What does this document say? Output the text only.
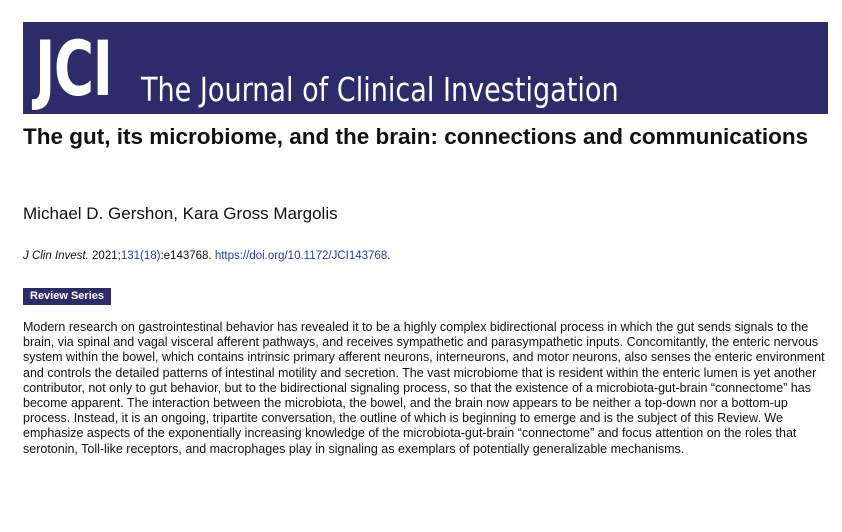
JCI The Journal of Clinical Investigation
The gut, its microbiome, and the brain: connections and communications
Michael D. Gershon, Kara Gross Margolis
J Clin Invest. 2021;131(18):e143768. https://doi.org/10.1172/JCI143768.
Review Series

Modern research on gastrointestinal behavior has revealed it to be a highly complex bidirectional process in which the gut sends signals to the brain, via spinal and vagal visceral afferent pathways, and receives sympathetic and parasympathetic inputs. Concomitantly, the enteric nervous system within the bowel, which contains intrinsic primary afferent neurons, interneurons, and motor neurons, also senses the enteric environment and controls the detailed patterns of intestinal motility and secretion. The vast microbiome that is resident within the enteric lumen is yet another contributor, not only to gut behavior, but to the bidirectional signaling process, so that the existence of a microbiota-gut-brain “connectome” has become apparent. The interaction between the microbiota, the bowel, and the brain now appears to be neither a top-down nor a bottom-up process. Instead, it is an ongoing, tripartite conversation, the outline of which is beginning to emerge and is the subject of this Review. We emphasize aspects of the exponentially increasing knowledge of the microbiota-gut-brain “connectome” and focus attention on the roles that serotonin, Toll-like receptors, and macrophages play in signaling as exemplars of potentially generalizable mechanisms.
